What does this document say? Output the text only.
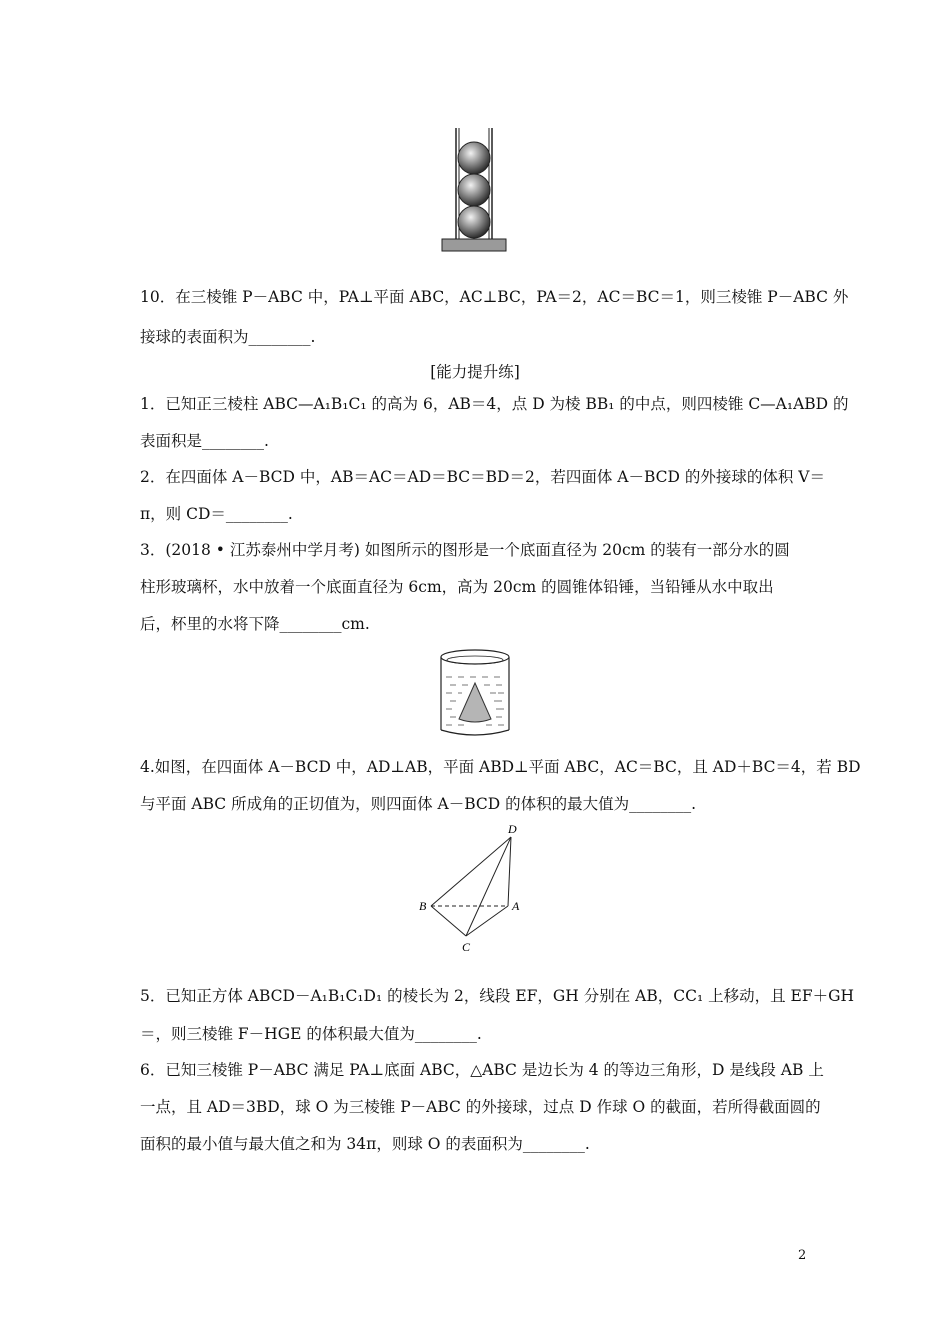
10．在三棱锥 P－ABC 中，PA⊥平面 ABC，AC⊥BC，PA＝2，AC＝BC＝1，则三棱锥 P－ABC 外
接球的表面积为________.
[能力提升练]
1．已知正三棱柱 ABC—A₁B₁C₁ 的高为 6，AB＝4，点 D 为棱 BB₁ 的中点，则四棱锥 C—A₁ABD 的
表面积是________.
2．在四面体 A－BCD 中，AB＝AC＝AD＝BC＝BD＝2，若四面体 A－BCD 的外接球的体积 V＝
π，则 CD＝________.
3．(2018 • 江苏泰州中学月考) 如图所示的图形是一个底面直径为 20cm 的装有一部分水的圆
柱形玻璃杯，水中放着一个底面直径为 6cm，高为 20cm 的圆锥体铅锤，当铅锤从水中取出
后，杯里的水将下降________cm.
4.如图，在四面体 A－BCD 中，AD⊥AB，平面 ABD⊥平面 ABC，AC＝BC，且 AD＋BC＝4，若 BD
与平面 ABC 所成角的正切值为，则四面体 A－BCD 的体积的最大值为________.
D
B	A
C
5．已知正方体 ABCD－A₁B₁C₁D₁ 的棱长为 2，线段 EF，GH 分别在 AB，CC₁ 上移动，且 EF＋GH
＝，则三棱锥 F－HGE 的体积最大值为________.
6．已知三棱锥 P－ABC 满足 PA⊥底面 ABC，△ABC 是边长为 4 的等边三角形，D 是线段 AB 上
一点，且 AD＝3BD，球 O 为三棱锥 P－ABC 的外接球，过点 D 作球 O 的截面，若所得截面圆的
面积的最小值与最大值之和为 34π，则球 O 的表面积为________.
2
